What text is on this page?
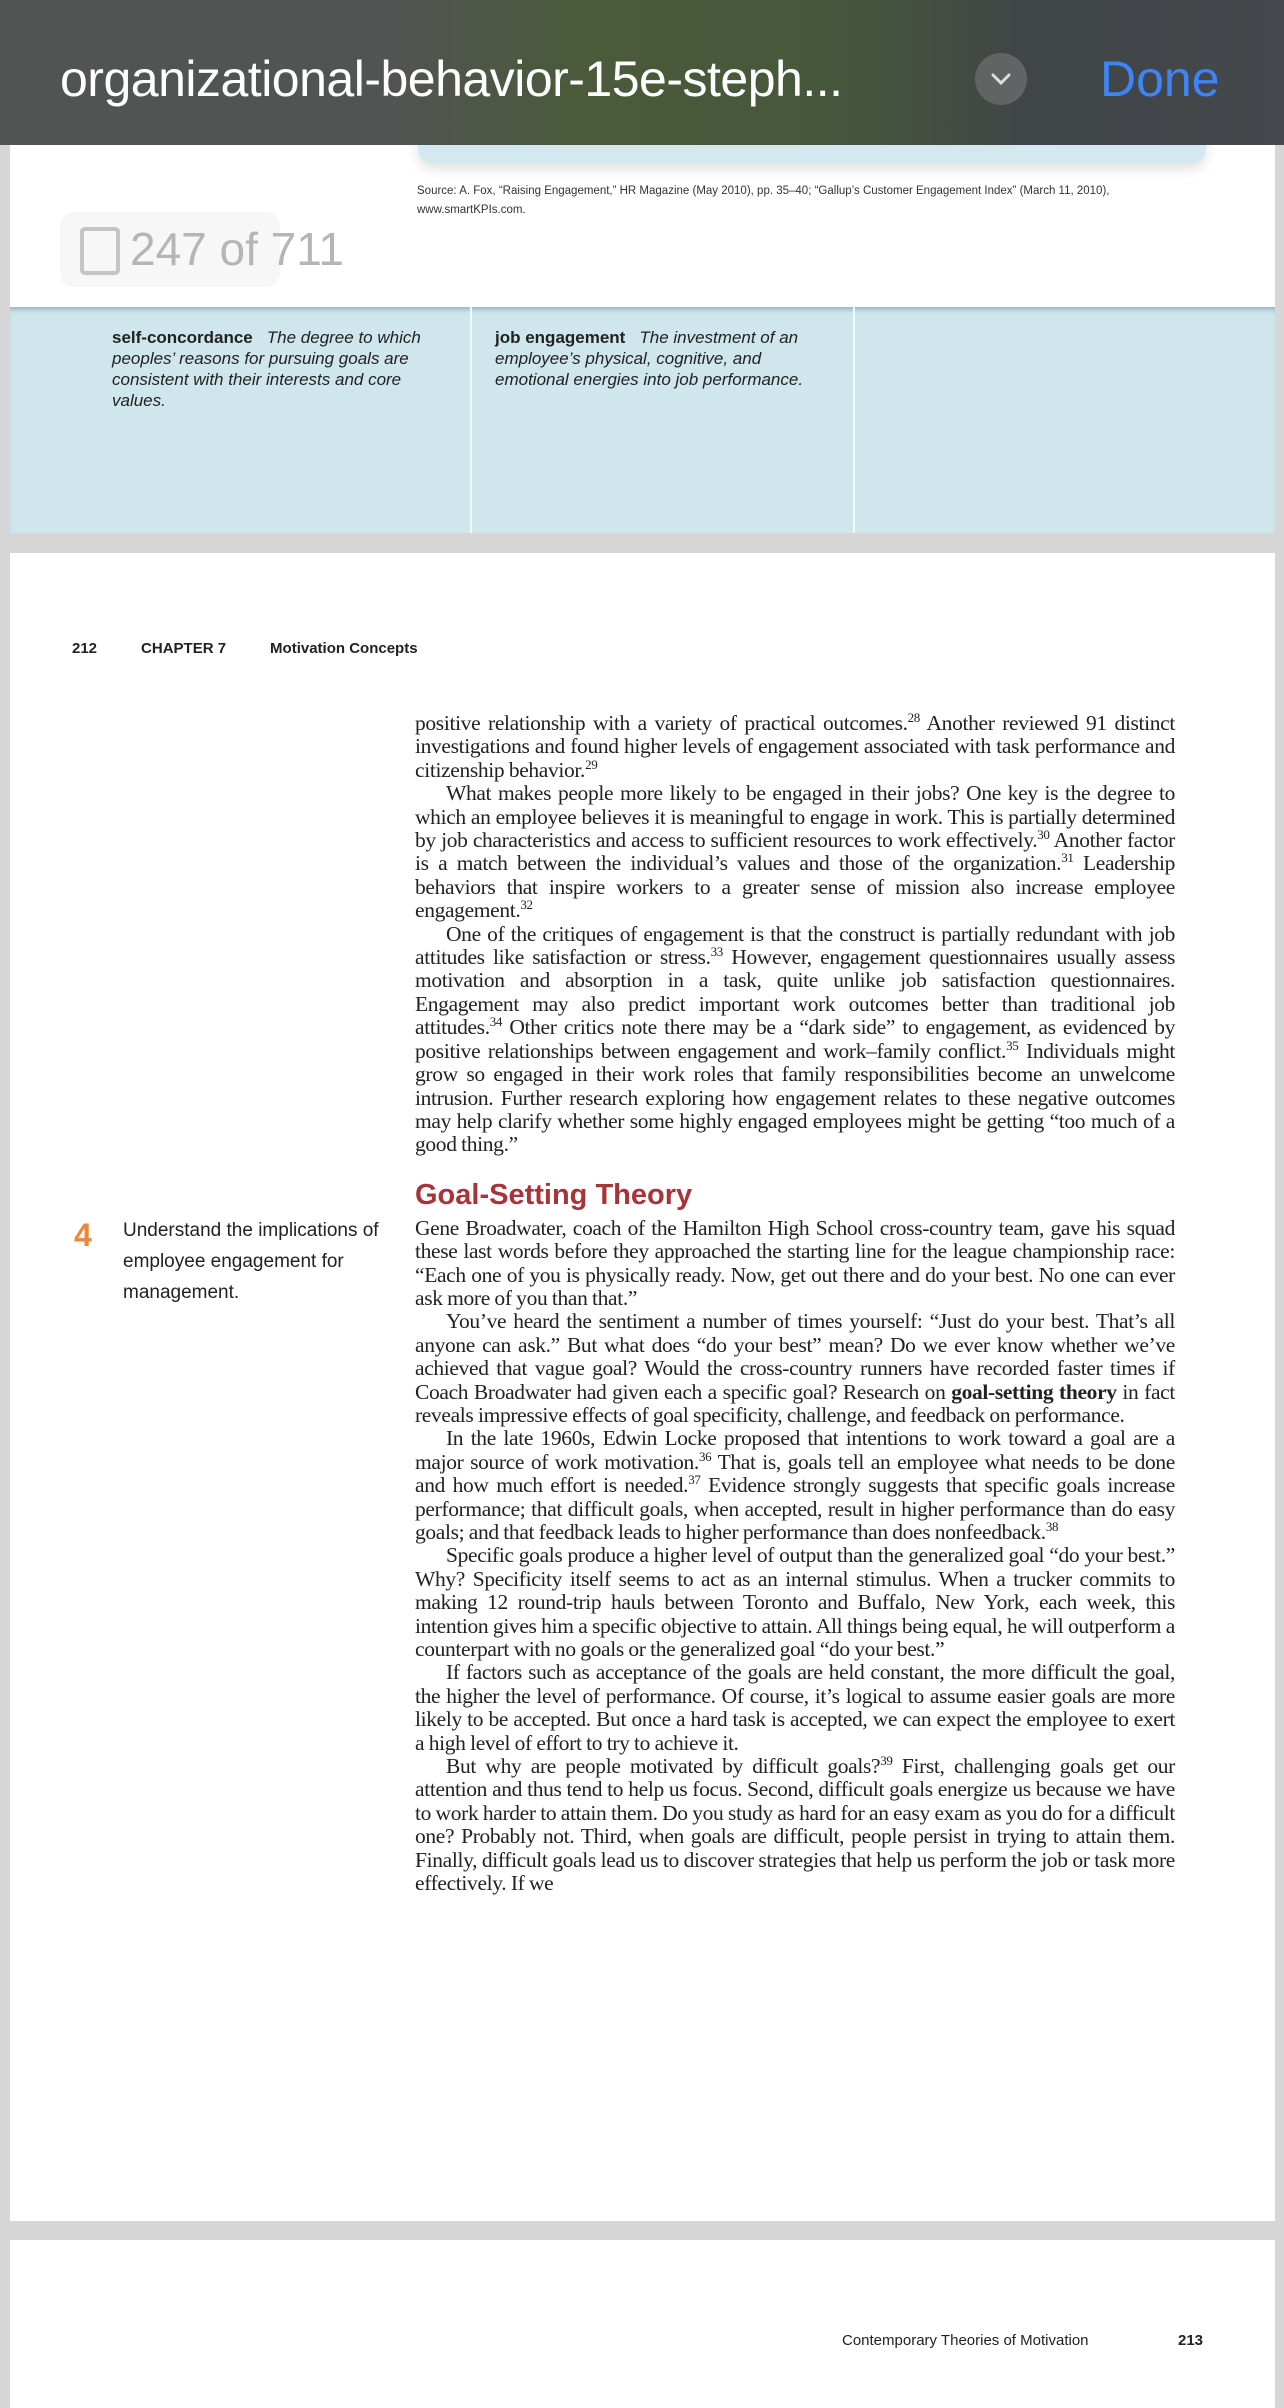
organizational-behavior-15e-steph...	Done
Source: A. Fox, “Raising Engagement,” HR Magazine (May 2010), pp. 35–40; “Gallup’s Customer Engagement Index” (March 11, 2010), www.smartKPIs.com.
247 of 711
self-concordance The degree to which peoples’ reasons for pursuing goals are consistent with their interests and core values.
job engagement The investment of an employee’s physical, cognitive, and emotional energies into job performance.
212	CHAPTER 7	Motivation Concepts

positive relationship with a variety of practical outcomes.$^{28}$ Another reviewed 91 distinct investigations and found higher levels of engagement associated with task performance and citizenship behavior.$^{29}$

What makes people more likely to be engaged in their jobs? One key is the degree to which an employee believes it is meaningful to engage in work. This is partially determined by job characteristics and access to sufficient resources to work effectively.$^{30}$ Another factor is a match between the individual’s values and those of the organization.$^{31}$ Leadership behaviors that inspire workers to a greater sense of mission also increase employee engagement.$^{32}$

One of the critiques of engagement is that the construct is partially redundant with job attitudes like satisfaction or stress.$^{33}$ However, engagement questionnaires usually assess motivation and absorption in a task, quite unlike job satisfaction questionnaires. Engagement may also predict important work outcomes better than traditional job attitudes.$^{34}$ Other critics note there may be a “dark side” to engagement, as evidenced by positive relationships between engagement and work–family conflict.$^{35}$ Individuals might grow so engaged in their work roles that family responsibilities become an unwelcome intrusion. Further research exploring how engagement relates to these negative outcomes may help clarify whether some highly engaged employees might be getting “too much of a good thing.”

Goal-Setting Theory
4 Understand the implications of employee engagement for management.

Gene Broadwater, coach of the Hamilton High School cross-country team, gave his squad these last words before they approached the starting line for the league championship race: “Each one of you is physically ready. Now, get out there and do your best. No one can ever ask more of you than that.”

You’ve heard the sentiment a number of times yourself: “Just do your best. That’s all anyone can ask.” But what does “do your best” mean? Do we ever know whether we’ve achieved that vague goal? Would the cross-country runners have recorded faster times if Coach Broadwater had given each a specific goal? Research on goal-setting theory in fact reveals impressive effects of goal specificity, challenge, and feedback on performance.

In the late 1960s, Edwin Locke proposed that intentions to work toward a goal are a major source of work motivation.$^{36}$ That is, goals tell an employee what needs to be done and how much effort is needed.$^{37}$ Evidence strongly suggests that specific goals increase performance; that difficult goals, when accepted, result in higher performance than do easy goals; and that feedback leads to higher performance than does nonfeedback.$^{38}$

Specific goals produce a higher level of output than the generalized goal “do your best.” Why? Specificity itself seems to act as an internal stimulus. When a trucker commits to making 12 round-trip hauls between Toronto and Buffalo, New York, each week, this intention gives him a specific objective to attain. All things being equal, he will outperform a counterpart with no goals or the generalized goal “do your best.”

If factors such as acceptance of the goals are held constant, the more difficult the goal, the higher the level of performance. Of course, it’s logical to assume easier goals are more likely to be accepted. But once a hard task is accepted, we can expect the employee to exert a high level of effort to try to achieve it.

But why are people motivated by difficult goals?$^{39}$ First, challenging goals get our attention and thus tend to help us focus. Second, difficult goals energize us because we have to work harder to attain them. Do you study as hard for an easy exam as you do for a difficult one? Probably not. Third, when goals are difficult, people persist in trying to attain them. Finally, difficult goals lead us to discover strategies that help us perform the job or task more effectively. If we

Contemporary Theories of Motivation	213
